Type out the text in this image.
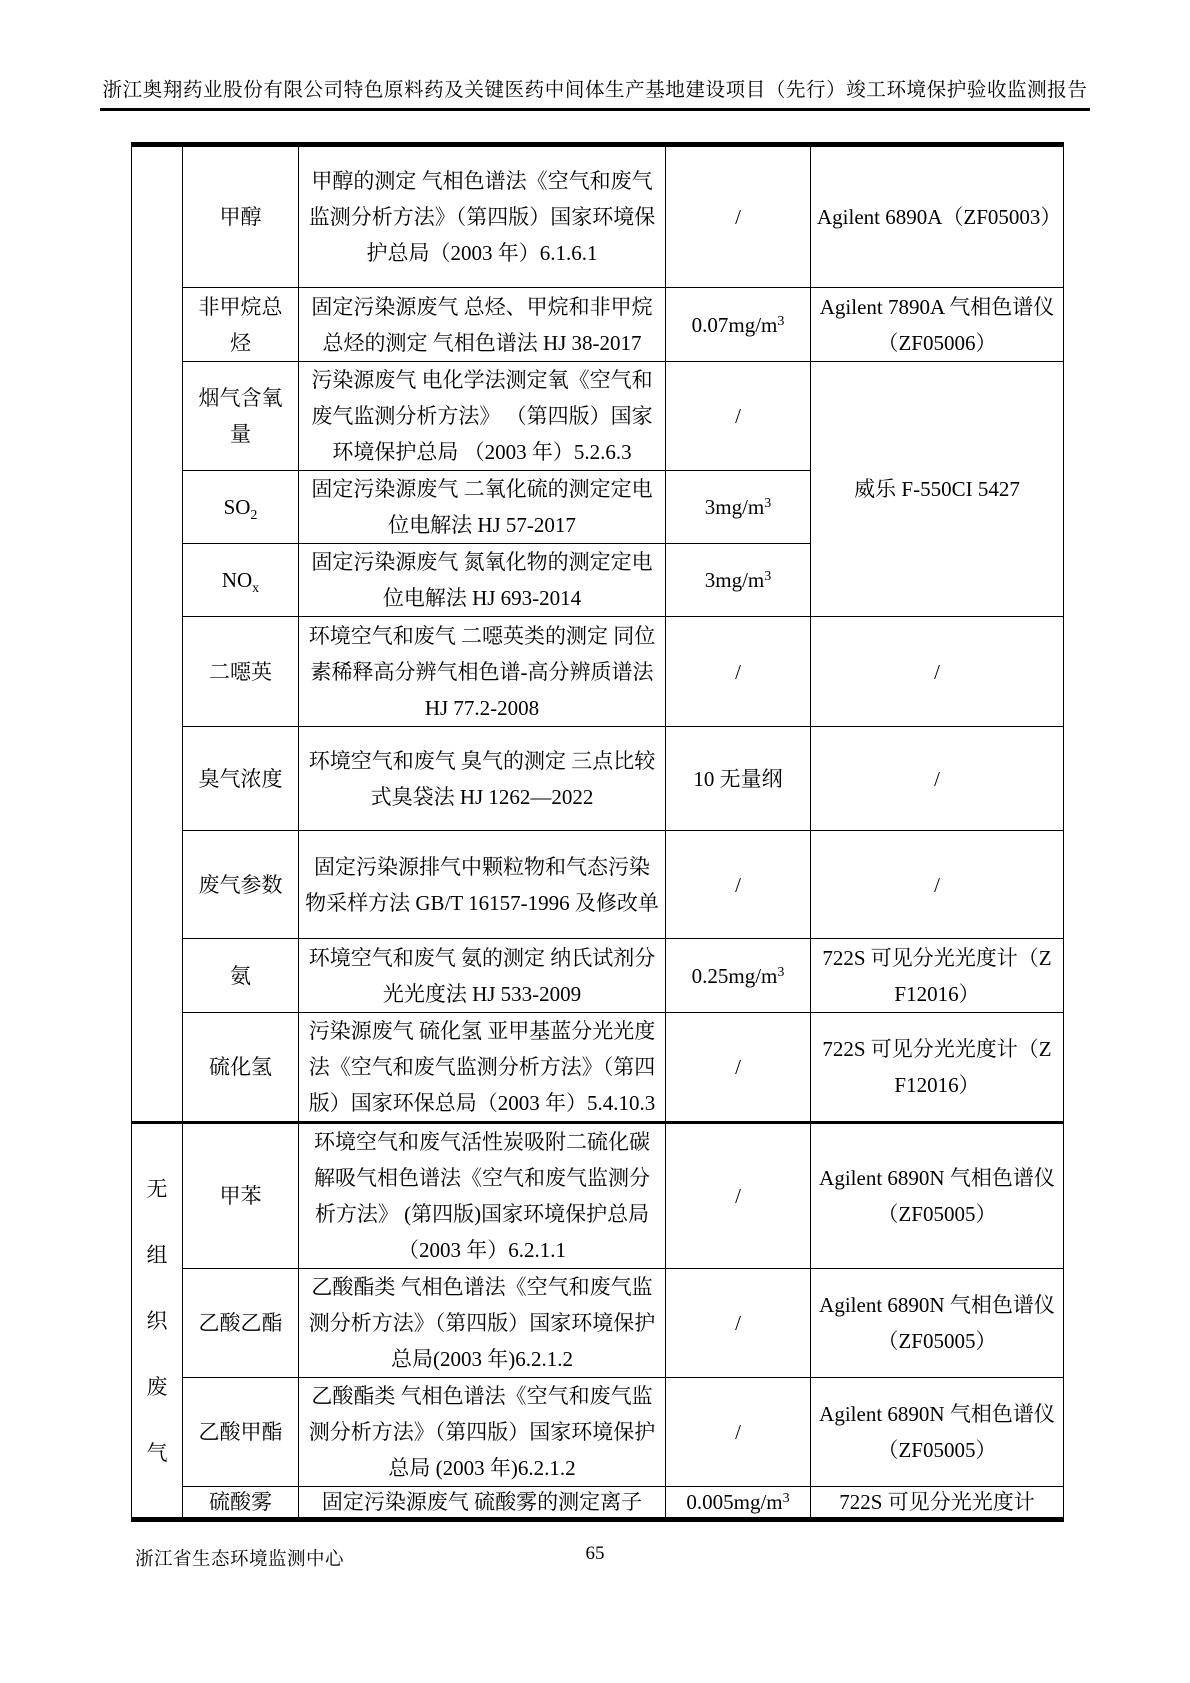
浙江奥翔药业股份有限公司特色原料药及关键医药中间体生产基地建设项目（先行）竣工环境保护验收监测报告
	甲醇	甲醇的测定 气相色谱法《空气和废气监测分析方法》（第四版）国家环境保护总局（2003 年）6.1.6.1	/	Agilent 6890A（ZF05003）
	非甲烷总烃	固定污染源废气 总烃、甲烷和非甲烷总烃的测定 气相色谱法 HJ 38-2017	$0.07mg/m^3$	Agilent 7890A 气相色谱仪（ZF05006）
	烟气含氧量	污染源废气 电化学法测定氧《空气和废气监测分析方法》 （第四版）国家环境保护总局 （2003 年）5.2.6.3	/	威乐 F-550CI 5427
	$SO_2$	固定污染源废气 二氧化硫的测定定电位电解法 HJ 57-2017	$3mg/m^3$
	$NO_x$	固定污染源废气 氮氧化物的测定定电位电解法 HJ 693-2014	$3mg/m^3$
	二噁英	环境空气和废气 二噁英类的测定 同位素稀释高分辨气相色谱-高分辨质谱法 HJ 77.2-2008	/	/
	臭气浓度	环境空气和废气 臭气的测定 三点比较式臭袋法 HJ 1262—2022	10 无量纲	/
	废气参数	固定污染源排气中颗粒物和气态污染物采样方法 GB/T 16157-1996 及修改单	/	/
	氨	环境空气和废气 氨的测定 纳氏试剂分光光度法 HJ 533-2009	$0.25mg/m^3$	722S 可见分光光度计（ZF12016）
	硫化氢	污染源废气 硫化氢 亚甲基蓝分光光度法《空气和废气监测分析方法》（第四版）国家环保总局（2003 年）5.4.10.3	/	722S 可见分光光度计（ZF12016）

无组织废气	甲苯	环境空气和废气活性炭吸附二硫化碳解吸气相色谱法《空气和废气监测分析方法》 (第四版)国家环境保护总局（2003 年）6.2.1.1	/	Agilent 6890N 气相色谱仪（ZF05005）
	乙酸乙酯	乙酸酯类 气相色谱法《空气和废气监测分析方法》（第四版）国家环境保护总局(2003 年)6.2.1.2	/	Agilent 6890N 气相色谱仪（ZF05005）
	乙酸甲酯	乙酸酯类 气相色谱法《空气和废气监测分析方法》（第四版）国家环境保护总局 (2003 年)6.2.1.2	/	Agilent 6890N 气相色谱仪（ZF05005）
	硫酸雾	固定污染源废气 硫酸雾的测定离子	$0.005mg/m^3$	722S 可见分光光度计
浙江省生态环境监测中心	65
